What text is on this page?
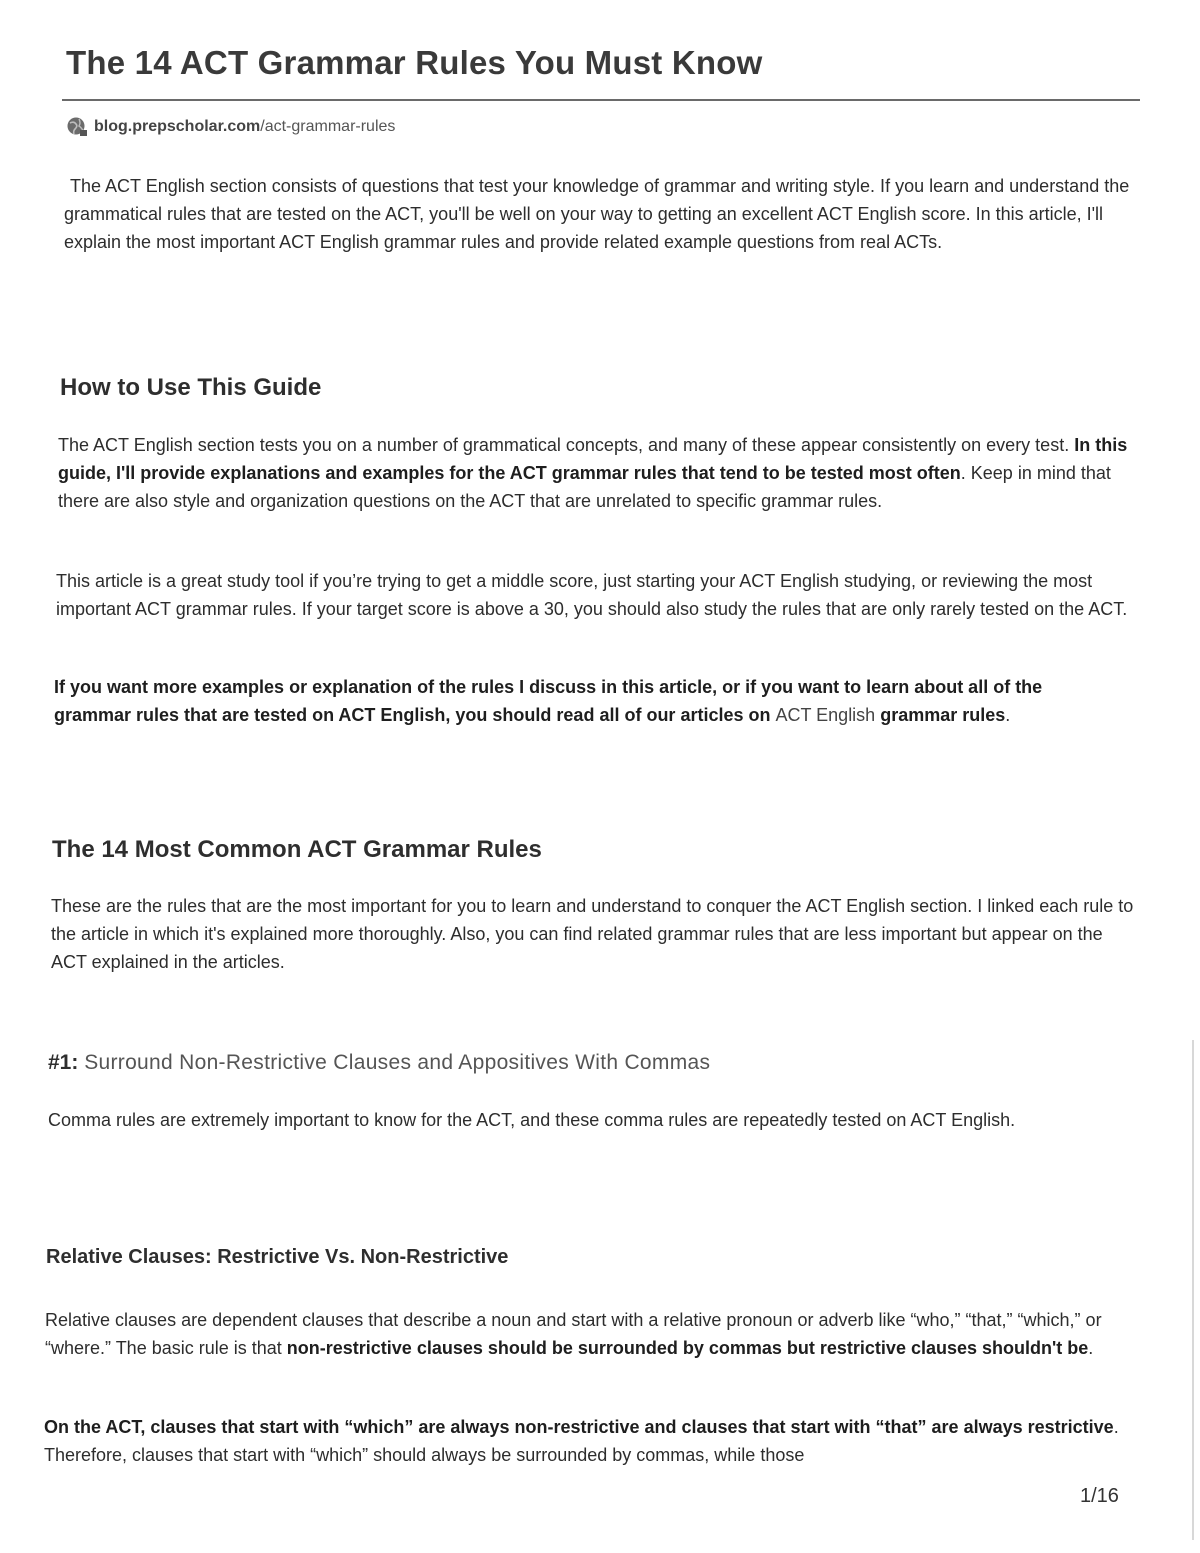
The 14 ACT Grammar Rules You Must Know
blog.prepscholar.com /act-grammar-rules

The ACT English section consists of questions that test your knowledge of grammar and writing style. If you learn and understand the grammatical rules that are tested on the ACT, you'll be well on your way to getting an excellent ACT English score. In this article, I'll explain the most important ACT English grammar rules and provide related example questions from real ACTs.

How to Use This Guide

The ACT English section tests you on a number of grammatical concepts, and many of these appear consistently on every test. In this guide, I'll provide explanations and examples for the ACT grammar rules that tend to be tested most often. Keep in mind that there are also style and organization questions on the ACT that are unrelated to specific grammar rules.

This article is a great study tool if you’re trying to get a middle score, just starting your ACT English studying, or reviewing the most important ACT grammar rules. If your target score is above a 30, you should also study the rules that are only rarely tested on the ACT.

If you want more examples or explanation of the rules I discuss in this article, or if you want to learn about all of the grammar rules that are tested on ACT English, you should read all of our articles on ACT English grammar rules.

The 14 Most Common ACT Grammar Rules

These are the rules that are the most important for you to learn and understand to conquer the ACT English section. I linked each rule to the article in which it's explained more thoroughly. Also, you can find related grammar rules that are less important but appear on the ACT explained in the articles.

#1: Surround Non-Restrictive Clauses and Appositives With Commas

Comma rules are extremely important to know for the ACT, and these comma rules are repeatedly tested on ACT English.

Relative Clauses: Restrictive Vs. Non-Restrictive

Relative clauses are dependent clauses that describe a noun and start with a relative pronoun or adverb like “who,” “that,” “which,” or “where.” The basic rule is that non-restrictive clauses should be surrounded by commas but restrictive clauses shouldn't be.

On the ACT, clauses that start with “which” are always non-restrictive and clauses that start with “that” are always restrictive. Therefore, clauses that start with “which” should always be surrounded by commas, while those

1/16
